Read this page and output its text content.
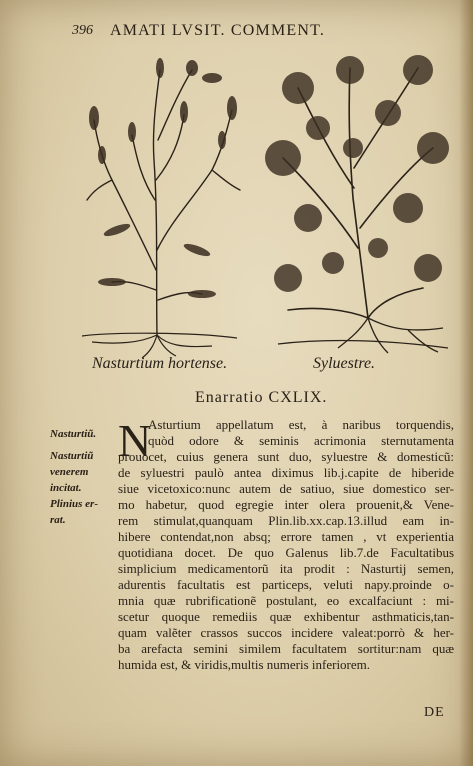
396 AMATI LVSIT. COMMENT.
Nasturtium hortense.	Syluestre.
Enarratio CXLIX.
Nasturtiũ.
Nasturtiũ
venerem
incitat.
Plinius er-
rat.
N
Asturtium appellatum est, à naribus torquendis,
quòd odore & seminis acrimonia sternutamenta
prouocet, cuius genera sunt duo, syluestre & domesticũ:
de syluestri paulò antea diximus lib.j.capite de hiberide
siue vicetoxico:nunc autem de satiuo, siue domestico ser-
mo habetur, quod egregie inter olera prouenit,& Vene-
rem stimulat,quanquam Plin.lib.xx.cap.13.illud eam in-
hibere contendat,non absq; errore tamen , vt experientia
quotidiana docet. De quo Galenus lib.7.de Facultatibus
simplicium medicamentorũ ita prodit : Nasturtij semen,
adurentis facultatis est particeps, veluti napy.proinde o-
mnia quæ rubrificationẽ postulant, eo excalfaciunt : mi-
scetur quoque remediis quæ exhibentur asthmaticis,tan-
quam valẽter crassos succos incidere valeat:porrò & her-
ba arefacta semini similem facultatem sortitur:nam quæ
humida est, & viridis,multis numeris inferiorem.
DE
